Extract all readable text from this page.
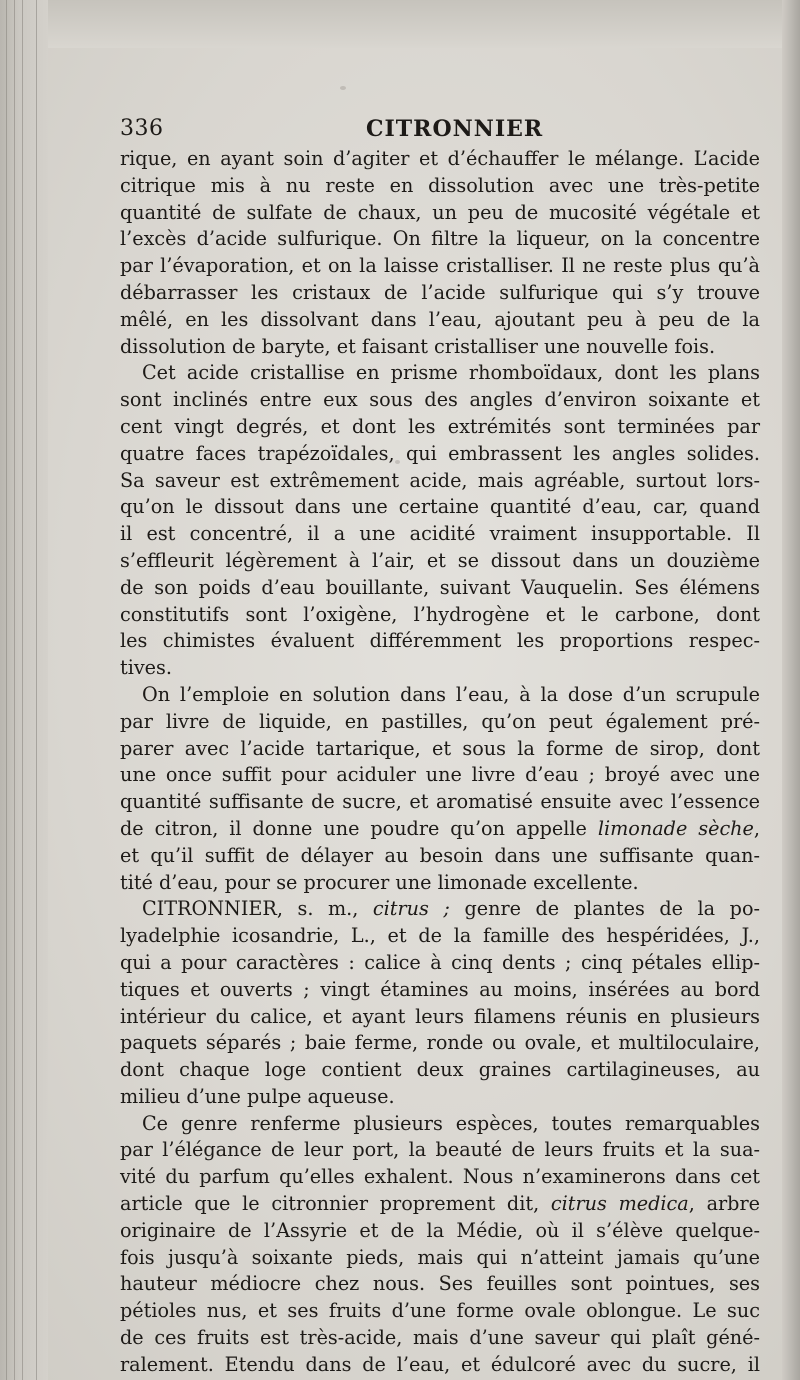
336	CITRONNIER
rique, en ayant soin d’agiter et d’échauffer le mélange. L’acide
citrique mis à nu reste en dissolution avec une très-petite
quantité de sulfate de chaux, un peu de mucosité végétale et
l’excès d’acide sulfurique. On filtre la liqueur, on la concentre
par l’évaporation, et on la laisse cristalliser. Il ne reste plus qu’à
débarrasser les cristaux de l’acide sulfurique qui s’y trouve
mêlé, en les dissolvant dans l’eau, ajoutant peu à peu de la
dissolution de baryte, et faisant cristalliser une nouvelle fois.
Cet acide cristallise en prisme rhomboïdaux, dont les plans
sont inclinés entre eux sous des angles d’environ soixante et
cent vingt degrés, et dont les extrémités sont terminées par
quatre faces trapézoïdales, qui embrassent les angles solides.
Sa saveur est extrêmement acide, mais agréable, surtout lors-
qu’on le dissout dans une certaine quantité d’eau, car, quand
il est concentré, il a une acidité vraiment insupportable. Il
s’effleurit légèrement à l’air, et se dissout dans un douzième
de son poids d’eau bouillante, suivant Vauquelin. Ses élémens
constitutifs sont l’oxigène, l’hydrogène et le carbone, dont
les chimistes évaluent différemment les proportions respec-
tives.
On l’emploie en solution dans l’eau, à la dose d’un scrupule
par livre de liquide, en pastilles, qu’on peut également pré-
parer avec l’acide tartarique, et sous la forme de sirop, dont
une once suffit pour aciduler une livre d’eau ; broyé avec une
quantité suffisante de sucre, et aromatisé ensuite avec l’essence
de citron, il donne une poudre qu’on appelle limonade sèche,
et qu’il suffit de délayer au besoin dans une suffisante quan-
tité d’eau, pour se procurer une limonade excellente.
CITRONNIER, s. m., citrus ; genre de plantes de la po-
lyadelphie icosandrie, L., et de la famille des hespéridées, J.,
qui a pour caractères : calice à cinq dents ; cinq pétales ellip-
tiques et ouverts ; vingt étamines au moins, insérées au bord
intérieur du calice, et ayant leurs filamens réunis en plusieurs
paquets séparés ; baie ferme, ronde ou ovale, et multiloculaire,
dont chaque loge contient deux graines cartilagineuses, au
milieu d’une pulpe aqueuse.
Ce genre renferme plusieurs espèces, toutes remarquables
par l’élégance de leur port, la beauté de leurs fruits et la sua-
vité du parfum qu’elles exhalent. Nous n’examinerons dans cet
article que le citronnier proprement dit, citrus medica, arbre
originaire de l’Assyrie et de la Médie, où il s’élève quelque-
fois jusqu’à soixante pieds, mais qui n’atteint jamais qu’une
hauteur médiocre chez nous. Ses feuilles sont pointues, ses
pétioles nus, et ses fruits d’une forme ovale oblongue. Le suc
de ces fruits est très-acide, mais d’une saveur qui plaît géné-
ralement. Etendu dans de l’eau, et édulcoré avec du sucre, il
